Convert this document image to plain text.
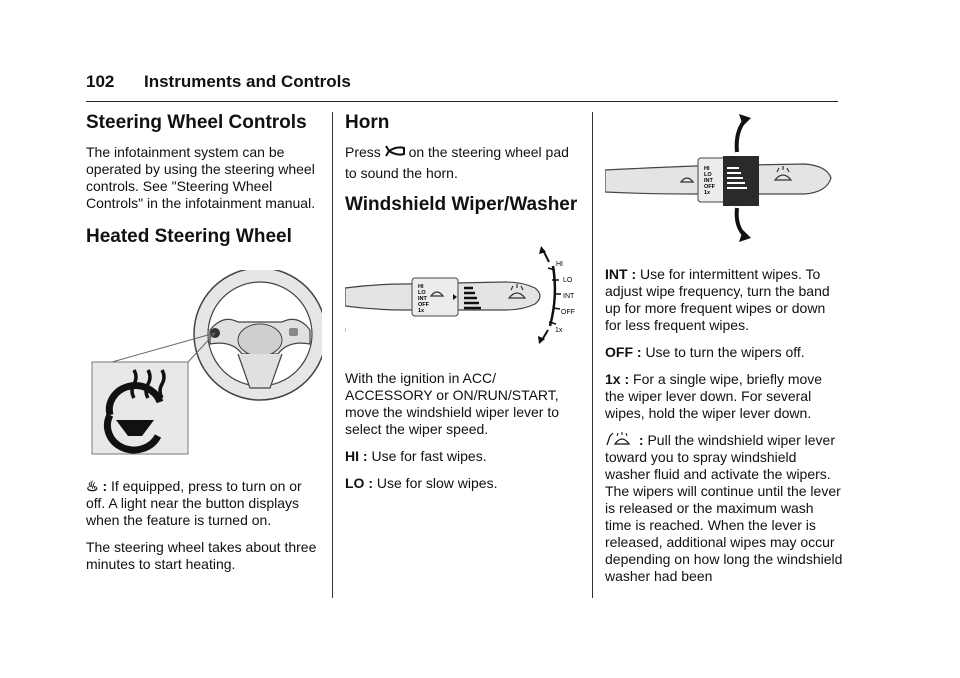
102 Instruments and Controls
Steering Wheel Controls

The infotainment system can be operated by using the steering wheel controls. See "Steering Wheel Controls" in the infotainment manual.

Heated Steering Wheel

♨ : If equipped, press to turn on or off. A light near the button displays when the feature is turned on.

The steering wheel takes about three minutes to start heating.

Horn

Press on the steering wheel pad to sound the horn.

Windshield Wiper/Washer
HI
LO
INT
OFF
1x
HI
LO
INT
OFF
1x

With the ignition in ACC/ ACCESSORY or ON/RUN/START, move the windshield wiper lever to select the wiper speed.

HI : Use for fast wipes.

LO : Use for slow wipes.

HI
LO
INT
OFF
1x

INT : Use for intermittent wipes. To adjust wipe frequency, turn the band up for more frequent wipes or down for less frequent wipes.

OFF : Use to turn the wipers off.

1x : For a single wipe, briefly move the wiper lever down. For several wipes, hold the wiper lever down.

: Pull the windshield wiper lever toward you to spray windshield washer fluid and activate the wipers. The wipers will continue until the lever is released or the maximum wash time is reached. When the lever is released, additional wipes may occur depending on how long the windshield washer had been
